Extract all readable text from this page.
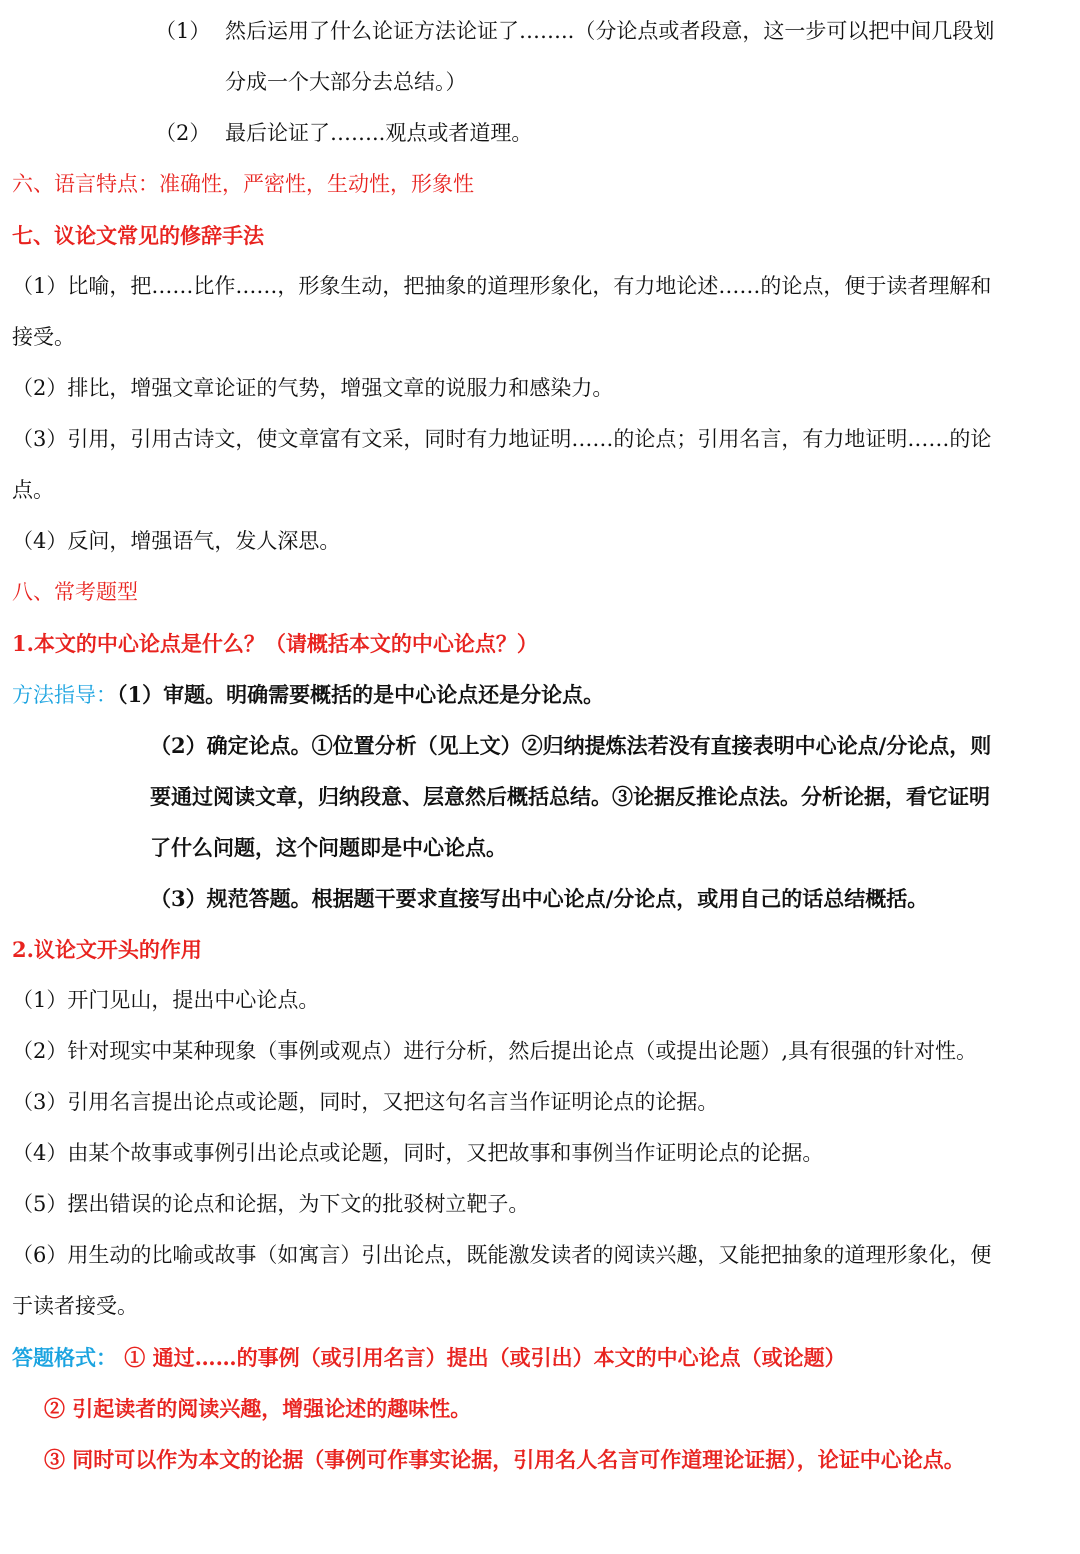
（1） 然后运用了什么论证方法论证了……..（分论点或者段意，这一步可以把中间几段划
分成一个大部分去总结。）
（2） 最后论证了……..观点或者道理。
六、语言特点：准确性，严密性，生动性，形象性
七、议论文常见的修辞手法
（1）比喻，把……比作……，形象生动，把抽象的道理形象化，有力地论述……的论点，便于读者理解和
接受。
（2）排比，增强文章论证的气势，增强文章的说服力和感染力。
（3）引用，引用古诗文，使文章富有文采，同时有力地证明……的论点；引用名言，有力地证明……的论
点。
（4）反问，增强语气，发人深思。
八、常考题型
1.本文的中心论点是什么？（请概括本文的中心论点？）
方法指导：（1）审题。明确需要概括的是中心论点还是分论点。
（2）确定论点。①位置分析（见上文）②归纳提炼法若没有直接表明中心论点/分论点，则
要通过阅读文章，归纳段意、层意然后概括总结。③论据反推论点法。分析论据，看它证明
了什么问题，这个问题即是中心论点。
（3）规范答题。根据题干要求直接写出中心论点/分论点，或用自己的话总结概括。
2.议论文开头的作用
（1）开门见山，提出中心论点。
（2）针对现实中某种现象（事例或观点）进行分析，然后提出论点（或提出论题）,具有很强的针对性。
（3）引用名言提出论点或论题，同时，又把这句名言当作证明论点的论据。
（4）由某个故事或事例引出论点或论题，同时，又把故事和事例当作证明论点的论据。
（5）摆出错误的论点和论据，为下文的批驳树立靶子。
（6）用生动的比喻或故事（如寓言）引出论点，既能激发读者的阅读兴趣，又能把抽象的道理形象化，便
于读者接受。
答题格式： ① 通过……的事例（或引用名言）提出（或引出）本文的中心论点（或论题）
② 引起读者的阅读兴趣，增强论述的趣味性。
③ 同时可以作为本文的论据（事例可作事实论据，引用名人名言可作道理论证据），论证中心论点。
